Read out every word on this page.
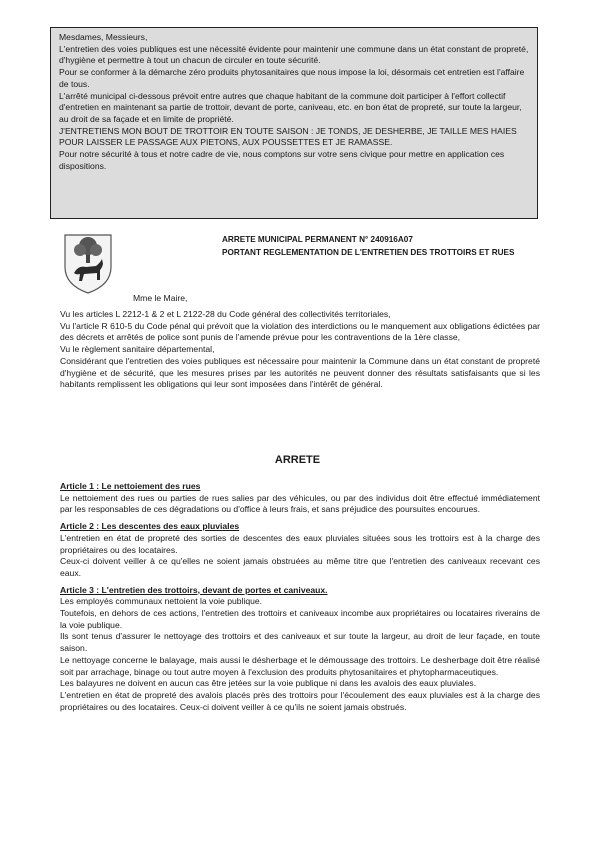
Mesdames, Messieurs,

L'entretien des voies publiques est une nécessité évidente pour maintenir une commune dans un état constant de propreté, d'hygiène et permettre à tout un chacun de circuler en toute sécurité.

Pour se conformer à la démarche zéro produits phytosanitaires que nous impose la loi, désormais cet entretien est l'affaire de tous.

L'arrêté municipal ci-dessous prévoit entre autres que chaque habitant de la commune doit participer à l'effort collectif d'entretien en maintenant sa partie de trottoir, devant de porte, caniveau, etc. en bon état de propreté, sur toute la largeur, au droit de sa façade et en limite de propriété.

J'ENTRETIENS MON BOUT DE TROTTOIR EN TOUTE SAISON : JE TONDS, JE DESHERBE, JE TAILLE MES HAIES POUR LAISSER LE PASSAGE AUX PIETONS, AUX POUSSETTES ET JE RAMASSE.

Pour notre sécurité à tous et notre cadre de vie, nous comptons sur votre sens civique pour mettre en application ces dispositions.

ARRETE MUNICIPAL PERMANENT N° 240916A07
PORTANT REGLEMENTATION DE L'ENTRETIEN DES TROTTOIRS ET RUES
Mme le Maire,

Vu les articles L 2212-1 & 2 et L 2122-28 du Code général des collectivités territoriales,

Vu l'article R 610-5 du Code pénal qui prévoit que la violation des interdictions ou le manquement aux obligations édictées par des décrets et arrêtés de police sont punis de l'amende prévue pour les contraventions de la 1ère classe,

Vu le règlement sanitaire départemental,

Considérant que l'entretien des voies publiques est nécessaire pour maintenir la Commune dans un état constant de propreté d'hygiène et de sécurité, que les mesures prises par les autorités ne peuvent donner des résultats satisfaisants que si les habitants remplissent les obligations qui leur sont imposées dans l'intérêt de général.

ARRETE
Article 1 : Le nettoiement des rues

Le nettoiement des rues ou parties de rues salies par des véhicules, ou par des individus doit être effectué immédiatement par les responsables de ces dégradations ou d'office à leurs frais, et sans préjudice des poursuites encourues.

Article 2 : Les descentes des eaux pluviales

L'entretien en état de propreté des sorties de descentes des eaux pluviales situées sous les trottoirs est à la charge des propriétaires ou des locataires.

Ceux-ci doivent veiller à ce qu'elles ne soient jamais obstruées au même titre que l'entretien des caniveaux recevant ces eaux.

Article 3 : L'entretien des trottoirs, devant de portes et caniveaux.

Les employés communaux nettoient la voie publique.

Toutefois, en dehors de ces actions, l'entretien des trottoirs et caniveaux incombe aux propriétaires ou locataires riverains de la voie publique.

Ils sont tenus d'assurer le nettoyage des trottoirs et des caniveaux et sur toute la largeur, au droit de leur façade, en toute saison.

Le nettoyage concerne le balayage, mais aussi le désherbage et le démoussage des trottoirs. Le desherbage doit être réalisé soit par arrachage, binage ou tout autre moyen à l'exclusion des produits phytosanitaires et phytopharmaceutiques.

Les balayures ne doivent en aucun cas être jetées sur la voie publique ni dans les avalois des eaux pluviales.

L'entretien en état de propreté des avalois placés près des trottoirs pour l'écoulement des eaux pluviales est à la charge des propriétaires ou des locataires. Ceux-ci doivent veiller à ce qu'ils ne soient jamais obstrués.
